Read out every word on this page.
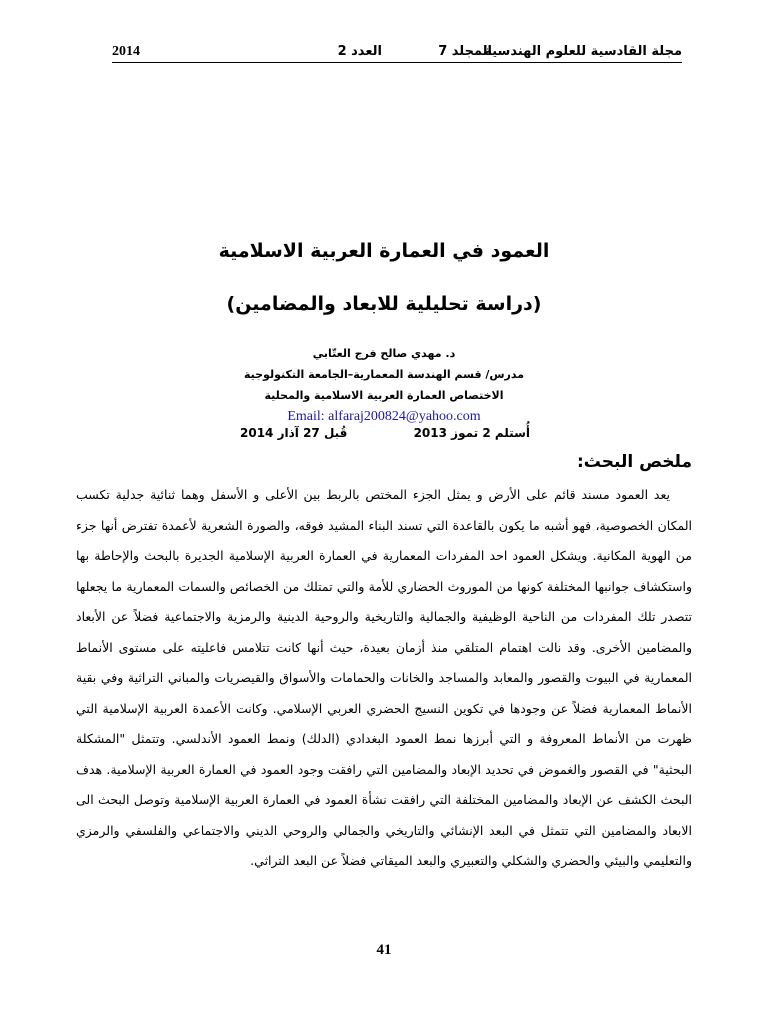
مجلة القادسية للعلوم الهندسية
المجلد 7
العدد 2
2014
العمود في العمارة العربية الاسلامية
(دراسة تحليلية للابعاد والمضامين)
د. مهدي صالح فرج العتّابي
مدرس/ قسم الهندسة المعمارية–الجامعة التكنولوجية
الاختصاص العمارة العربية الاسلامية والمحلية
Email: alfaraj200824@yahoo.com
أُستلم 2 تموز 2013
قُبل 27 آذار 2014
ملخص البحث:

يعد العمود مسند قائم على الأرض و يمثل الجزء المختص بالربط بين الأعلى و الأسفل وهما ثنائية جدلية تكسب المكان الخصوصية، فهو أشبه ما يكون بالقاعدة التي تسند البناء المشيد فوقه، والصورة الشعرية لأعمدة تفترض أنها جزء من الهوية المكانية. ويشكل العمود احد المفردات المعمارية في العمارة العربية الإسلامية الجديرة بالبحث والإحاطة بها واستكشاف جوانبها المختلفة كونها من الموروث الحضاري للأمة والتي تمتلك من الخصائص والسمات المعمارية ما يجعلها تتصدر تلك المفردات من الناحية الوظيفية والجمالية والتاريخية والروحية الدينية والرمزية والاجتماعية فضلاً عن الأبعاد والمضامين الأخرى. وقد نالت اهتمام المتلقي منذ أزمان بعيدة، حيث أنها كانت تتلامس فاعليته على مستوى الأنماط المعمارية في البيوت والقصور والمعابد والمساجد والخانات والحمامات والأسواق والقيصريات والمباني التراثية وفي بقية الأنماط المعمارية فضلاً عن وجودها في تكوين النسيج الحضري العربي الإسلامي. وكانت الأعمدة العربية الإسلامية التي ظهرت من الأنماط المعروفة و التي أبرزها نمط العمود البغدادي (الدلك) ونمط العمود الأندلسي. وتتمثل "المشكلة البحثية" في القصور والغموض في تحديد الإبعاد والمضامين التي رافقت وجود العمود في العمارة العربية الإسلامية. هدف البحث الكشف عن الإبعاد والمضامين المختلفة التي رافقت نشأة العمود في العمارة العربية الإسلامية وتوصل البحث الى الابعاد والمضامين التي تتمثل في البعد الإنشائي والتاريخي والجمالي والروحي الديني والاجتماعي والفلسفي والرمزي والتعليمي والبيئي والحضري والشكلي والتعبيري والبعد الميقاتي فضلاً عن البعد التراثي.

41
